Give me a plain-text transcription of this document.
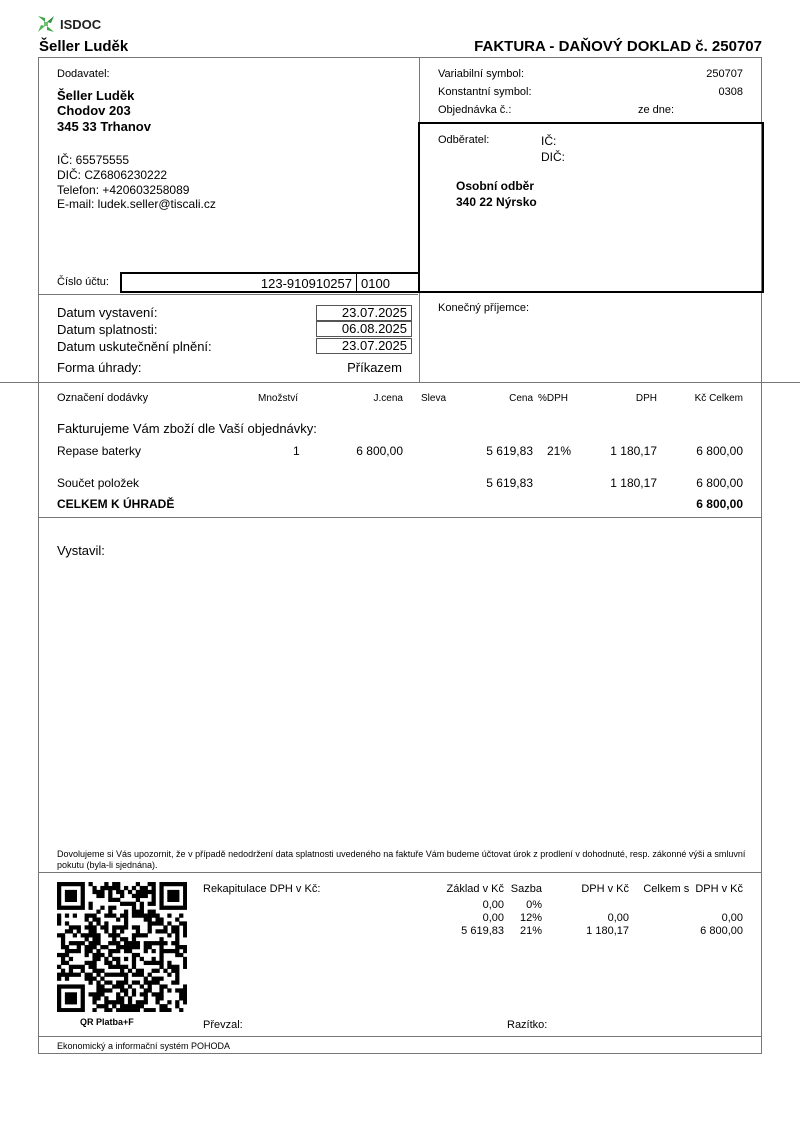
ISDOC
Šeller Luděk	FAKTURA - DAŇOVÝ DOKLAD č. 250707
Dodavatel:
Šeller Luděk
Chodov 203
345 33 Trhanov
IČ: 65575555
DIČ: CZ6806230222
Telefon: +420603258089
E-mail: ludek.seller@tiscali.cz
Číslo účtu:	123-910910257 0100
Variabilní symbol:	250707
Konstantní symbol:	0308
Objednávka č.:	ze dne:
Odběratel:	IČ:
DIČ:
Osobní odběr
340 22 Nýrsko
Datum vystavení:	23.07.2025
Datum splatnosti:	06.08.2025
Datum uskutečnění plnění:	23.07.2025
Forma úhrady:	Příkazem
Konečný příjemce:
Označení dodávky	Množství	J.cena Sleva	Cena %DPH	DPH	Kč Celkem
Fakturujeme Vám zboží dle Vaší objednávky:
Repase baterky	1	6 800,00	5 619,83 21%	1 180,17	6 800,00
Součet položek	5 619,83	1 180,17	6 800,00
CELKEM K ÚHRADĚ	6 800,00
Vystavil:
Dovolujeme si Vás upozornit, že v případě nedodržení data splatnosti uvedeného na faktuře Vám budeme účtovat úrok z prodlení v dohodnuté, resp. zákonné výši a smluvní pokutu (byla-li sjednána).
QR Platba+F
Rekapitulace DPH v Kč:	Základ v Kč Sazba	DPH v Kč Celkem s  DPH v Kč
0,00 0%
0,00 12%	0,00	0,00
5 619,83 21%	1 180,17	6 800,00
Převzal:	Razítko:
Ekonomický a informační systém POHODA
